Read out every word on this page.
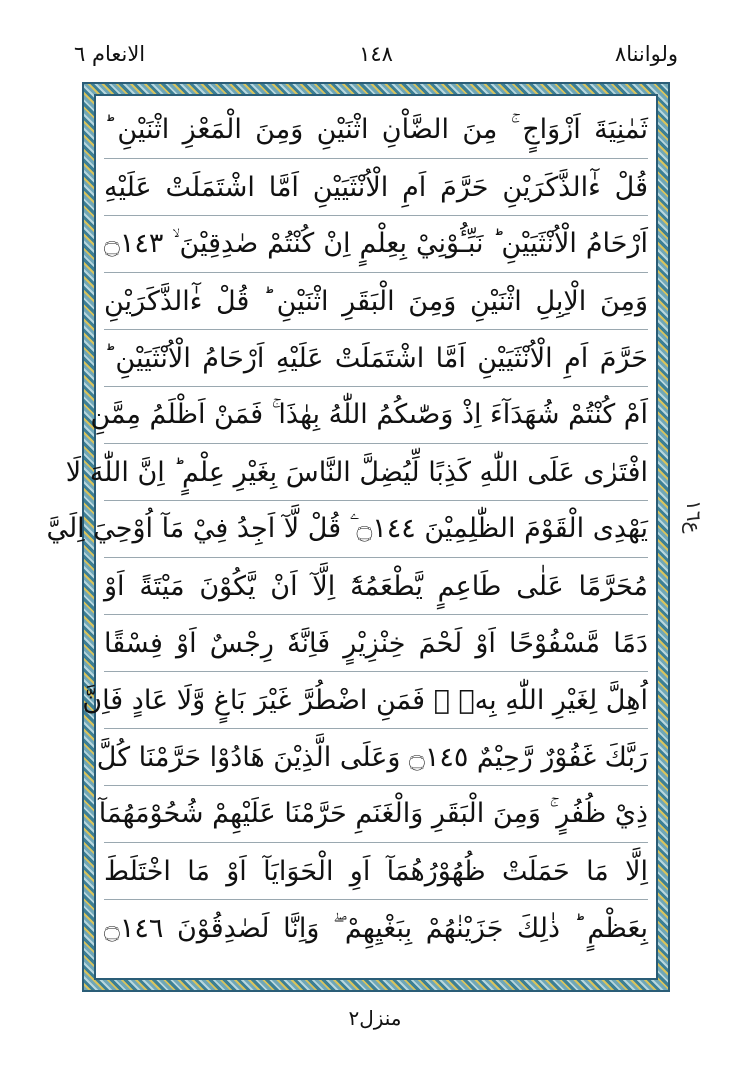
الانعام ٦	١٤٨	ولواننا٨
ثَمٰنِيَةَ اَزْوَاجٍ ۚ مِنَ الضَّاْنِ اثْنَيْنِ وَمِنَ الْمَعْزِ اثْنَيْنِ ؕ
قُلْ ءٰٓالذَّكَرَيْنِ حَرَّمَ اَمِ الْاُنْثَيَيْنِ اَمَّا اشْتَمَلَتْ عَلَيْهِ
اَرْحَامُ الْاُنْثَيَيْنِ ؕ نَبِّـُٔوْنِيْ بِعِلْمٍ اِنْ كُنْتُمْ صٰدِقِيْنَ ۙ ۝١٤٣
وَمِنَ الْاِبِلِ اثْنَيْنِ وَمِنَ الْبَقَرِ اثْنَيْنِ ؕ قُلْ ءٰٓالذَّكَرَيْنِ
حَرَّمَ اَمِ الْاُنْثَيَيْنِ اَمَّا اشْتَمَلَتْ عَلَيْهِ اَرْحَامُ الْاُنْثَيَيْنِ ؕ
اَمْ كُنْتُمْ شُهَدَآءَ اِذْ وَصّٰىكُمُ اللّٰهُ بِهٰذَا ۚ فَمَنْ اَظْلَمُ مِمَّنِ
افْتَرٰى عَلَى اللّٰهِ كَذِبًا لِّيُضِلَّ النَّاسَ بِغَيْرِ عِلْمٍ ؕ اِنَّ اللّٰهَ لَا
يَهْدِى الْقَوْمَ الظّٰلِمِيْنَ ۝١٤٤ ۧ قُلْ لَّآ اَجِدُ فِيْ مَآ اُوْحِيَ اِلَيَّ
مُحَرَّمًا عَلٰى طَاعِمٍ يَّطْعَمُهٗٓ اِلَّآ اَنْ يَّكُوْنَ مَيْتَةً اَوْ
دَمًا مَّسْفُوْحًا اَوْ لَحْمَ خِنْزِيْرٍ فَاِنَّهٗ رِجْسٌ اَوْ فِسْقًا
اُهِلَّ لِغَيْرِ اللّٰهِ بِهٖ ۚ فَمَنِ اضْطُرَّ غَيْرَ بَاغٍ وَّلَا عَادٍ فَاِنَّ
رَبَّكَ غَفُوْرٌ رَّحِيْمٌ ۝١٤٥ وَعَلَى الَّذِيْنَ هَادُوْا حَرَّمْنَا كُلَّ
ذِيْ ظُفُرٍ ۚ وَمِنَ الْبَقَرِ وَالْغَنَمِ حَرَّمْنَا عَلَيْهِمْ شُحُوْمَهُمَآ
اِلَّا مَا حَمَلَتْ ظُهُوْرُهُمَآ اَوِ الْحَوَايَآ اَوْ مَا اخْتَلَطَ
بِعَظْمٍ ؕ ذٰلِكَ جَزَيْنٰهُمْ بِبَغْيِهِمْ ۖ وَاِنَّا لَصٰدِقُوْنَ ۝١٤٦
ع١٦
منزل٢
